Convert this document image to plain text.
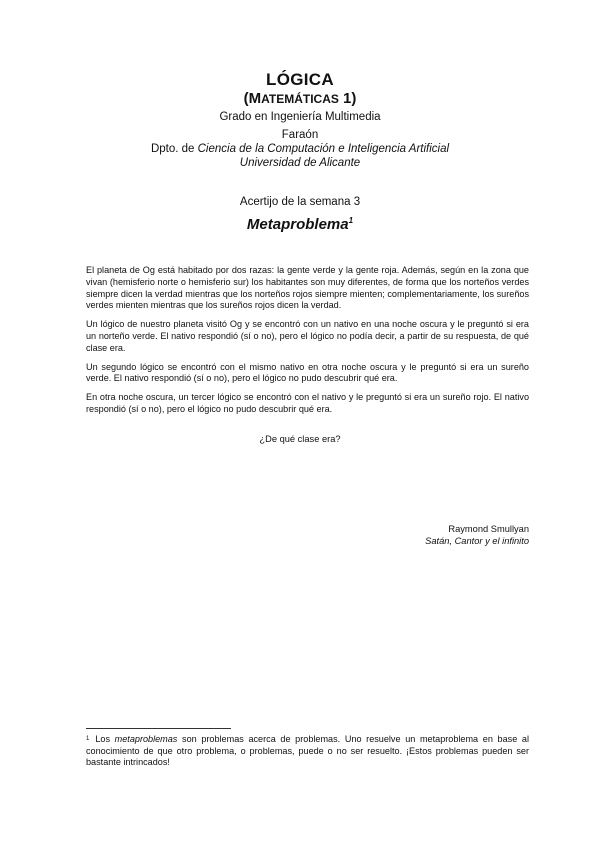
LÓGICA
(MATEMÁTICAS 1)
Grado en Ingeniería Multimedia
Faraón
Dpto. de Ciencia de la Computación e Inteligencia Artificial
Universidad de Alicante
Acertijo de la semana 3
Metaproblema$^1$

El planeta de Og está habitado por dos razas: la gente verde y la gente roja. Además, según en la zona que vivan (hemisferio norte o hemisferio sur) los habitantes son muy diferentes, de forma que los norteños verdes siempre dicen la verdad mientras que los norteños rojos siempre mienten; complementariamente, los sureños verdes mienten mientras que los sureños rojos dicen la verdad.

Un lógico de nuestro planeta visitó Og y se encontró con un nativo en una noche oscura y le preguntó si era un norteño verde. El nativo respondió (sí o no), pero el lógico no podía decir, a partir de su respuesta, de qué clase era.

Un segundo lógico se encontró con el mismo nativo en otra noche oscura y le preguntó si era un sureño verde. El nativo respondió (sí o no), pero el lógico no pudo descubrir qué era.

En otra noche oscura, un tercer lógico se encontró con el nativo y le preguntó si era un sureño rojo. El nativo respondió (sí o no), pero el lógico no pudo descubrir qué era.

¿De qué clase era?
Raymond Smullyan
Satán, Cantor y el infinito
$^1$ Los metaproblemas son problemas acerca de problemas. Uno resuelve un metaproblema en base al conocimiento de que otro problema, o problemas, puede o no ser resuelto. ¡Estos problemas pueden ser bastante intrincados!
